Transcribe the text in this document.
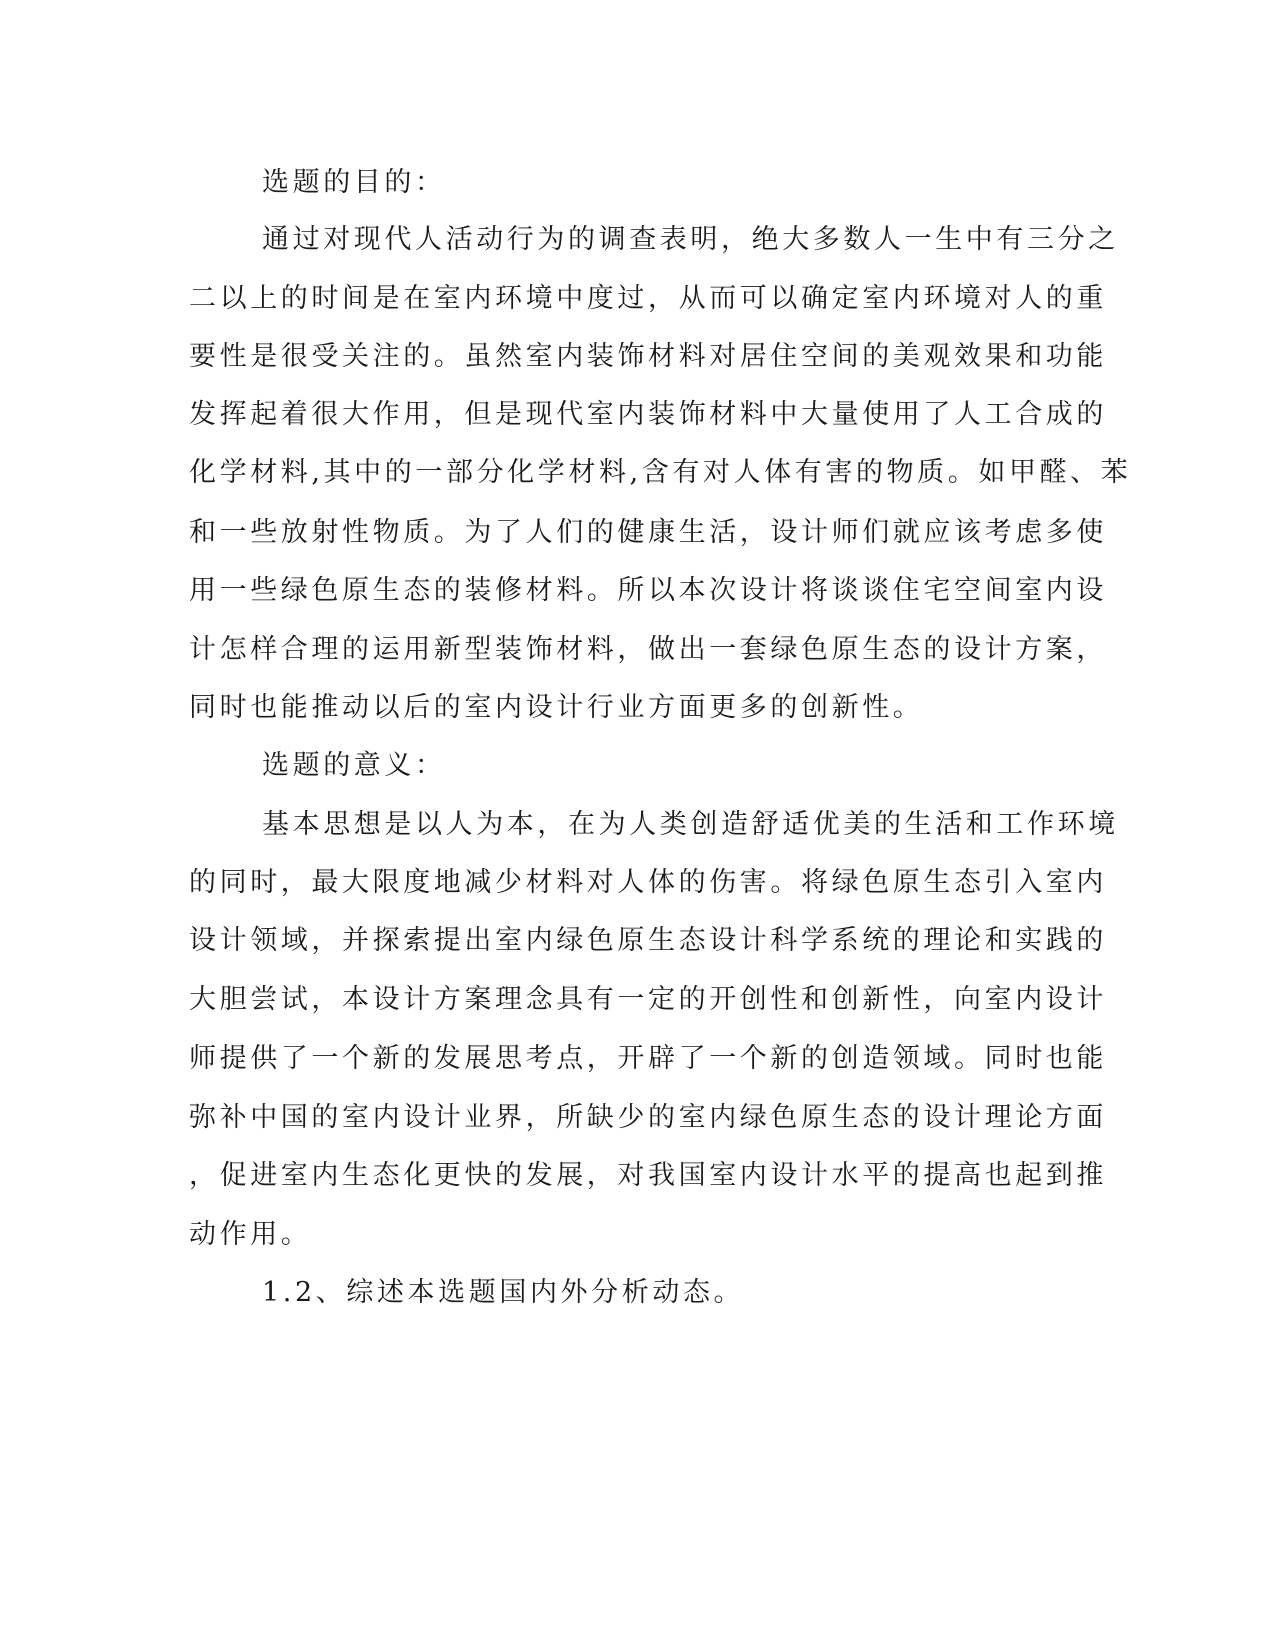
选题的目的：
通过对现代人活动行为的调查表明，绝大多数人一生中有三分之
二以上的时间是在室内环境中度过，从而可以确定室内环境对人的重
要性是很受关注的。虽然室内装饰材料对居住空间的美观效果和功能
发挥起着很大作用，但是现代室内装饰材料中大量使用了人工合成的
化学材料,其中的一部分化学材料,含有对人体有害的物质。如甲醛、苯
和一些放射性物质。为了人们的健康生活，设计师们就应该考虑多使
用一些绿色原生态的装修材料。所以本次设计将谈谈住宅空间室内设
计怎样合理的运用新型装饰材料，做出一套绿色原生态的设计方案，
同时也能推动以后的室内设计行业方面更多的创新性。
选题的意义：
基本思想是以人为本，在为人类创造舒适优美的生活和工作环境
的同时，最大限度地减少材料对人体的伤害。将绿色原生态引入室内
设计领域，并探索提出室内绿色原生态设计科学系统的理论和实践的
大胆尝试，本设计方案理念具有一定的开创性和创新性，向室内设计
师提供了一个新的发展思考点，开辟了一个新的创造领域。同时也能
弥补中国的室内设计业界，所缺少的室内绿色原生态的设计理论方面
，促进室内生态化更快的发展，对我国室内设计水平的提高也起到推
动作用。
1.2、综述本选题国内外分析动态。
